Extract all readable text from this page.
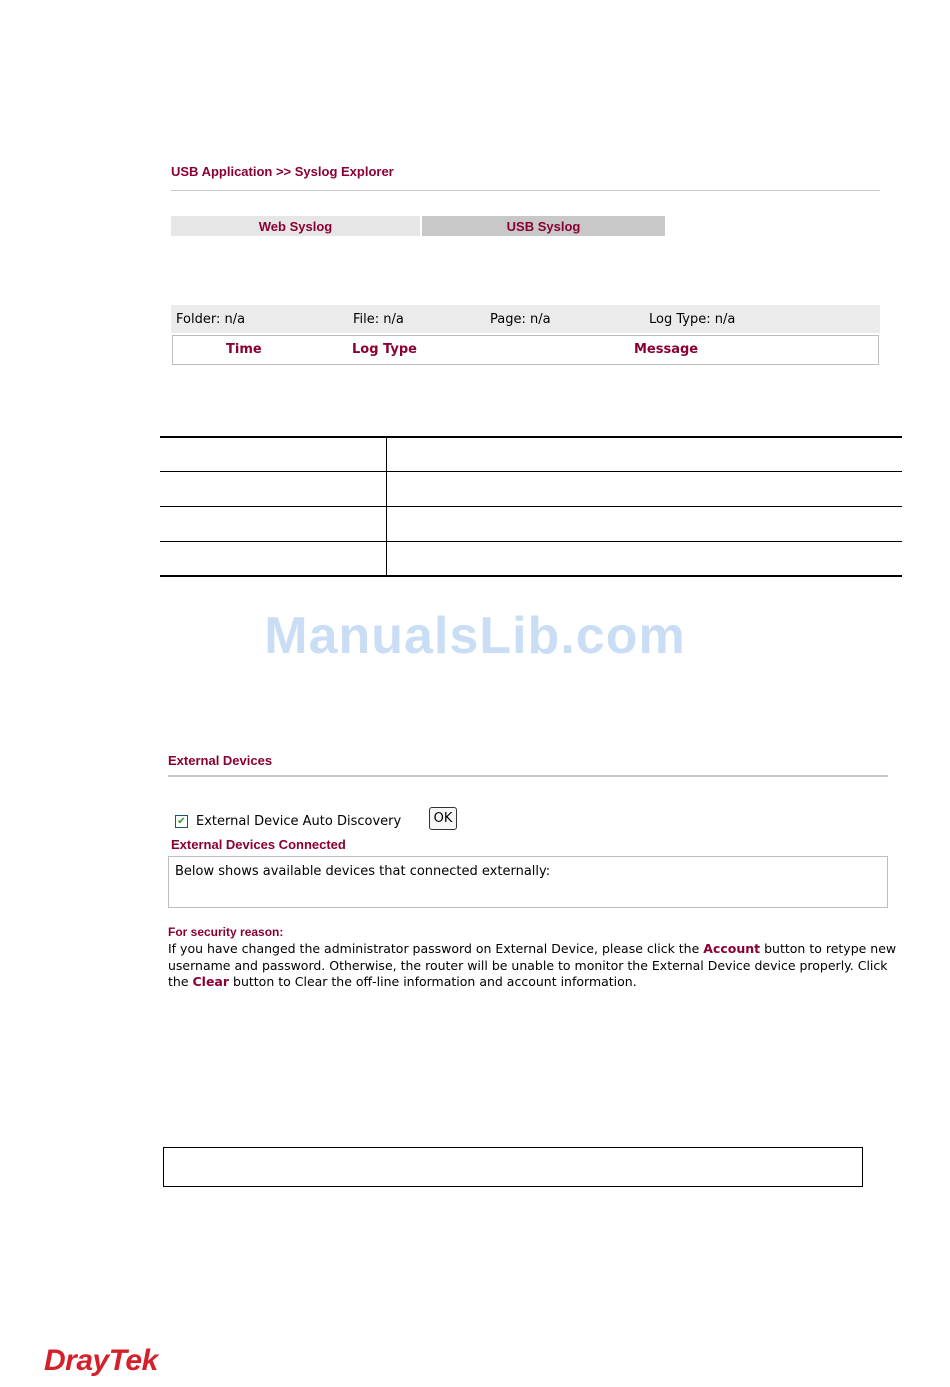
USB Application >> Syslog Explorer
Web Syslog	USB Syslog
Folder: n/a	File: n/a	Page: n/a	Log Type: n/a
Time	Log Type	Message
ManualsLib.com
External Devices
✔ External Device Auto Discovery	OK
External Devices Connected
Below shows available devices that connected externally:
For security reason:
If you have changed the administrator password on External Device, please click the Account button to retype new username and password. Otherwise, the router will be unable to monitor the External Device device properly. Click the Clear button to Clear the off-line information and account information.
DrayTek
